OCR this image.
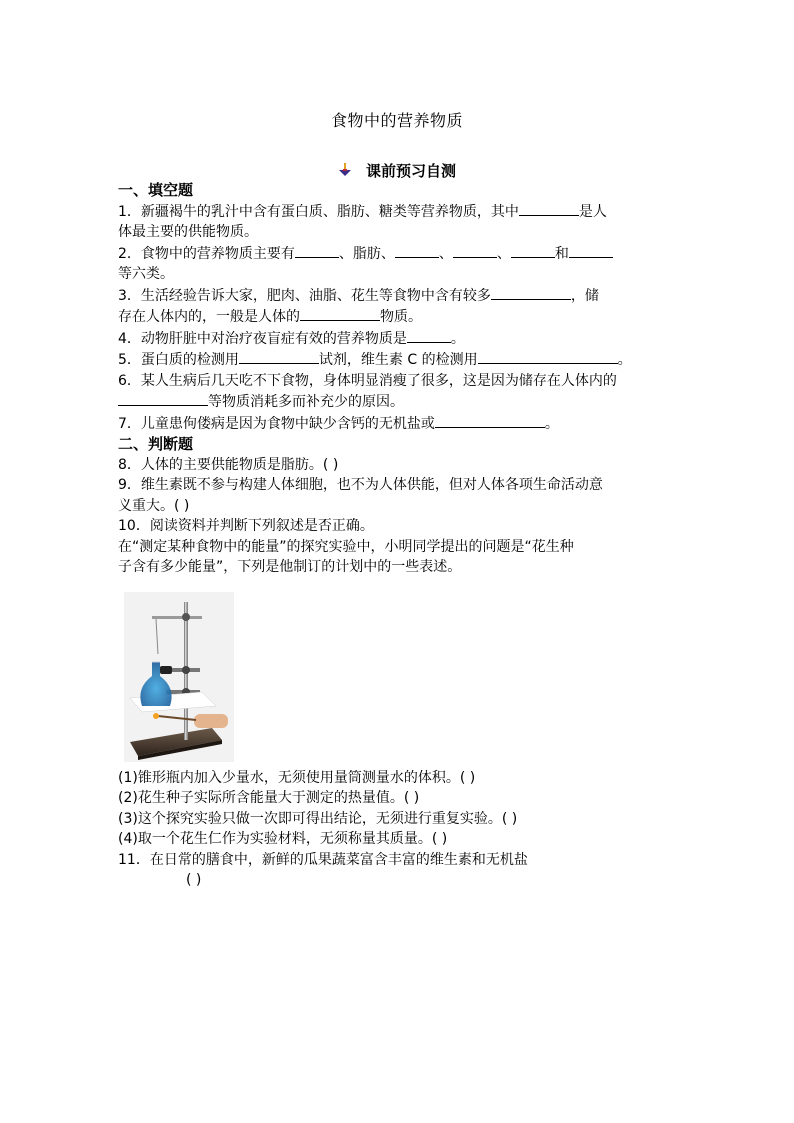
食物中的营养物质
课前预习自测
一、填空题
1．新疆褐牛的乳汁中含有蛋白质、脂肪、糖类等营养物质，其中	是人
体最主要的供能物质。
2．食物中的营养物质主要有	、脂肪、	、	、	和
等六类。
3．生活经验告诉大家，肥肉、油脂、花生等食物中含有较多	，储
存在人体内的，一般是人体的	物质。
4．动物肝脏中对治疗夜盲症有效的营养物质是	。
5．蛋白质的检测用	试剂，维生素 C 的检测用	。
6．某人生病后几天吃不下食物，身体明显消瘦了很多，这是因为储存在人体内的
等物质消耗多而补充少的原因。
7．儿童患佝偻病是因为食物中缺少含钙的无机盐或	。
二、判断题
8．人体的主要供能物质是脂肪。( )
9．维生素既不参与构建人体细胞，也不为人体供能，但对人体各项生命活动意
义重大。( )
10．阅读资料并判断下列叙述是否正确。
在“测定某种食物中的能量”的探究实验中，小明同学提出的问题是“花生种
子含有多少能量”，下列是他制订的计划中的一些表述。
(1)锥形瓶内加入少量水，无须使用量筒测量水的体积。( )
(2)花生种子实际所含能量大于测定的热量值。( )
(3)这个探究实验只做一次即可得出结论，无须进行重复实验。( )
(4)取一个花生仁作为实验材料，无须称量其质量。( )
11．在日常的膳食中，新鲜的瓜果蔬菜富含丰富的维生素和无机盐
( )
